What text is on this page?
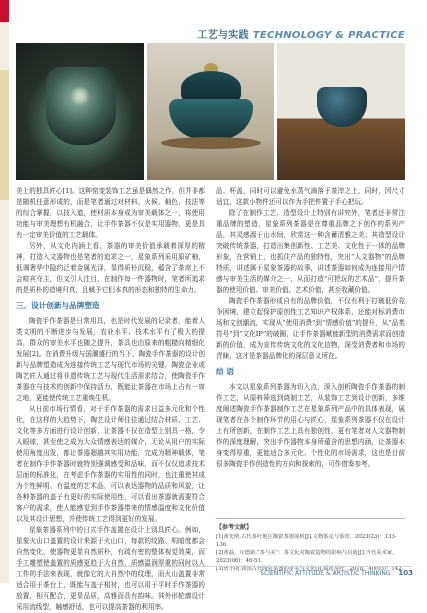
工艺与实践 TECHNOLOGY & PRACTICE

美上的独具匠心[1]。这种窑变装饰工艺虽是偶然之作，但并非都是随机任意形成的，而是笔者通过对材料、火候、釉色、技法等的综合掌握，以技入道，使材质本身成为审美载体之一，将使用功能与审美理想有机融合，让手作茶器不仅是实用器物，更是具有一定审美价值的工艺载体。

另外，从文化内涵上看，茶器的审美价值承载着深厚的精神，打造入文器物也是笔者的追求之一，星象系列采用原矿釉，低调奢华中隐约泛着金属光泽，显得质朴沉稳，蕴含了茶席上不会喧宾夺主，但又引人注目，在制作每一件器物时，笔者所追求的是质朴的造境归真，且赋予它们本真的形态和独特的生命力。

三、设计创新与品牌塑造

陶瓷手作茶器是日常用具，也是时代发展的记录者，能着人类文明的不断进步与发展，农业水平、技术水平有了极大的提高，群众的审美水平也随之提升，茶具也由原来的粗糙向精细化发展[2]。在消费升级与国潮盛行的当下，陶瓷手作茶器的设计创新与品牌塑造成为连接传统工艺与现代市场的关键，陶瓷企业或陶艺匠人通过将非遗传统工艺与现代生活需求结合，使陶瓷手作茶器在与技术的创新中保持活力，既能让茶器在市场上占有一席之地，更能使传统工艺重焕生机。

从日前市场行情看，对于手作茶器的需求日益多元化和个性化，在这样的大趋势下，陶艺设计师往往通过结合材质、工艺、文化等多方面进行设计创新，让茶器不仅在造型上别具一格，令人眼球，甚至使之成为大众情感表达的媒介，无论从用户的实际使用角度出发，都让茶器超越其实用功能，完成为精神载体，笔者在制作手作茶器时就特别强调感受和品味，而不仅仅追求技术层面的标准化，在考虑手作茶器的实用性的同时，也注重使其成为个性鲜明、有温度的艺术品，可以表达器物的品质和风貌，让各种茶器的盖子有更好的实际使用性，可以看出茶器就需要符合客户的需求，使人能感觉到手作茶器带来的情感温度和文化价值以及其设计思想，并使传统工艺得到更好的发展。

星象茶器系列中的日式手作盖置在设计上别具匠心。例如，星象火山口盖置的设计来源于火山口，每款的纹路、明暗度都会自然变化，使器物更显自然质朴，有疏有密的整体视觉效果，而手工雕塑使盖置的质感更趋于大自然，质感温润厚重的同时以人工作的手法来表现，就像它的大自然中的纹理，而火山盖置非常适合用于茶台上，既能与盖子相衬，也可以用于平时手作茶器的放置，相互配合，更显品质，高雅而具有韵味。其外形轮廓设计采用流线型，触感舒适，也可以提高茶器的利用率。

品、杯盖，同时可以避免水蒸气滴落于茶滓之上，同时，因尺寸适宜，这款小物件还可以作为手把件置于手心把玩。

除了在制作工艺、造型设计上特别有讲究外，笔者还非常注重品牌的塑造，星象系列茶器是在尊重品牌之下创作的系列产品，其灵感源于山水间，欣赏这一种含蓄清雅之美；其造型设计突破传统茶器，打造出集创新性、工艺美、文化性于一体的品牌形象，在营销上，也抓住产品的独特性，突出“人文器物”的品牌特质，讲述属于星象茶器的故事，讲述茶器如何成为连接用户情感与审美生活的媒介之一，从而打造“可把玩的艺术品”，提升茶器的使用价值、审美价值、艺术价值，甚至收藏价值。

陶瓷手作茶器形成自有的品牌价值，不仅有利于打破低价竞争困境，建立起保护原创性工艺知识产权体系，还能对标消费市场和文创潮流，实现从“使用消费”到“情感价值”的提升，从“品类符号”到“文化IP”的破圈，让手作茶器赋能新型的消费需求而创造新的价值，成为宣传传统文化的文化信物，深受消费者和市场的青睐，这才是茶器品牌化的深层意义所在。

结 语

本文以星象系列茶器为切入点，深入剖析陶瓷手作茶器的制作工艺，从原料筛选到烧制工艺，从装饰工艺到设计创新，多维度阐述陶瓷手作茶器制作工艺在星象系列产品中的具体表现，展现笔者在各个制作环节的用心与匠心，星象系列茶器不仅在设计上有所创新，在制作工艺上具有独创性，更有笔者对人文器物制作的深度理解，突出手作器物本身所蕴含的思想内涵，让茶器本身变得厚重，更能适合多元化、个性化的市场需求，这也是目前很多陶瓷手作创造性的方向和探索的，可作借鉴参考。

【参考文献】
[1]黄光明.古代茶叶地区陶瓷茶器展析[J].文物鉴定与鉴赏，2023(23)：133-136.
[2]黄磊，庄德新.“茶与美”：茶文化对陶瓷造物的影响与启迪[J].当代美术家，2023(06)：46-51.
[3]曾小鹃.我国古代陶瓷茶器的审美与文化[J].福建茶叶，2018，40(03)：142.
SCIENTIFIC ATTITUDE & ARTISTIC THINKING 103
